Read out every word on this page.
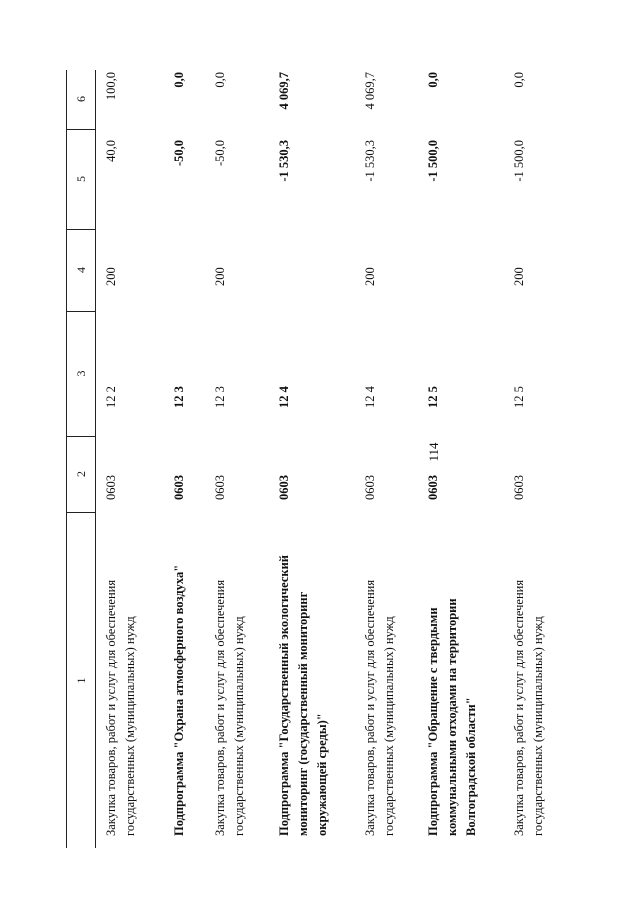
114
1
2
3
4
5
6
Закупка товаров, работ и услуг для обеспечения государственных (муниципальных) нужд
0603
12 2
200
40,0
100,0
Подпрограмма "Охрана атмосферного воздуха"
0603
12 3
-50,0
0,0
Закупка товаров, работ и услуг для обеспечения государственных (муниципальных) нужд
0603
12 3
200
-50,0
0,0
Подпрограмма "Государственный экологический мониторинг (государственный мониторинг окружающей среды)"
0603
12 4
-1 530,3
4 069,7
Закупка товаров, работ и услуг для обеспечения государственных (муниципальных) нужд
0603
12 4
200
-1 530,3
4 069,7
Подпрограмма "Обращение с твердыми коммунальными отходами на территории Волгоградской области"
0603
12 5
-1 500,0
0,0
Закупка товаров, работ и услуг для обеспечения государственных (муниципальных) нужд
0603
12 5
200
-1 500,0
0,0
